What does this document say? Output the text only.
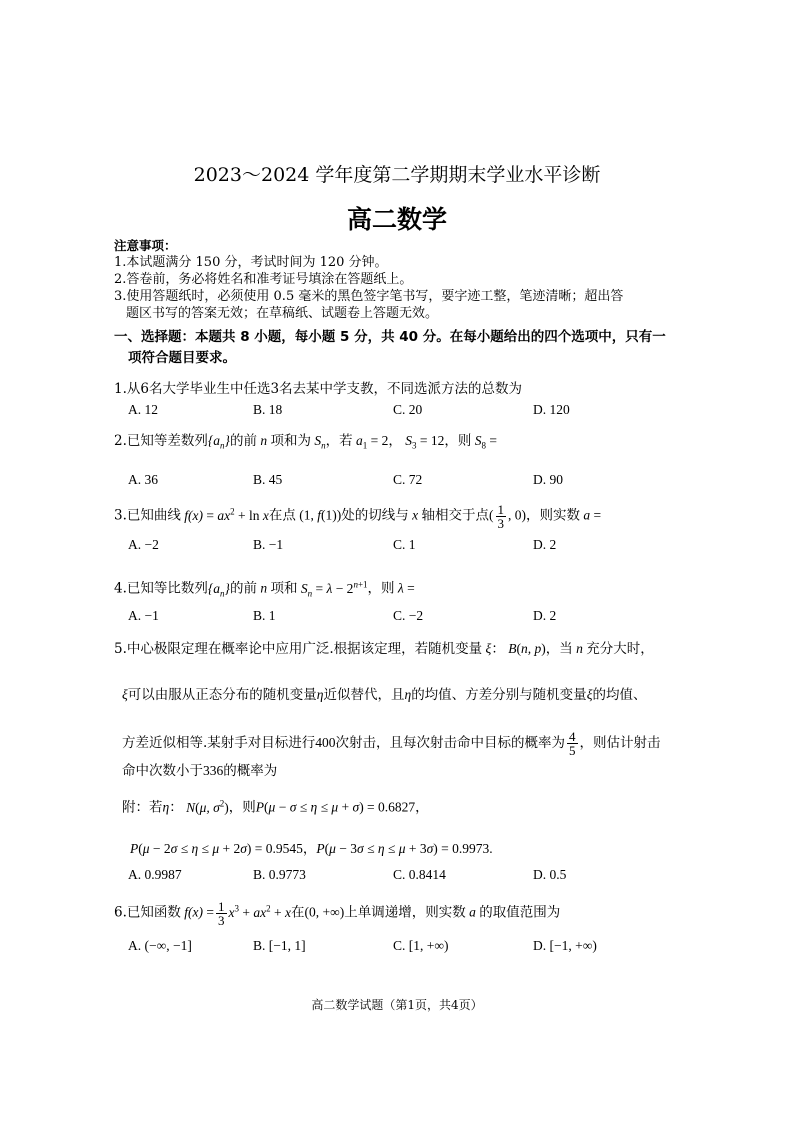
2023～2024 学年度第二学期期末学业水平诊断
高二数学
注意事项：
1.本试题满分 150 分，考试时间为 120 分钟。
2.答卷前，务必将姓名和准考证号填涂在答题纸上。
3.使用答题纸时，必须使用 0.5 毫米的黑色签字笔书写，要字迹工整，笔迹清晰；超出答
题区书写的答案无效；在草稿纸、试题卷上答题无效。
一、选择题：本题共 8 小题，每小题 5 分，共 40 分。在每小题给出的四个选项中，只有一
项符合题目要求。
1.从6名大学毕业生中任选3名去某中学支教，不同选派方法的总数为
A. 12	B. 18	C. 20	D. 120
2.已知等差数列$\{a_n\}$的前 n 项和为 $S_n$，若 $a_1 = 2$， $S_3 = 12$，则 $S_8$ =
A. 36	B. 45	C. 72	D. 90
3.已知曲线 $f(x) = ax^2 + \ln x$在点 (1, f(1))处的切线与 x 轴相交于点( $\frac{1}{3}$ , 0)，则实数 a =
A. −2	B. −1	C. 1	D. 2
4.已知等比数列$\{a_n\}$的前 n 项和 $S_n = \lambda - 2^{n+1}$，则 λ =
A. −1	B. 1	C. −2	D. 2
5.中心极限定理在概率论中应用广泛.根据该定理，若随机变量 ξ： B(n, p)，当 n 充分大时，
ξ可以由服从正态分布的随机变量η近似替代，且η的均值、方差分别与随机变量ξ的均值、
方差近似相等.某射手对目标进行400次射击，且每次射击命中目标的概率为 $\frac{4}{5}$ ，则估计射击
命中次数小于336的概率为
附：若η： N(μ, $\sigma^2$)，则P(μ − σ ≤ η ≤ μ + σ) = 0.6827，
P(μ − 2σ ≤ η ≤ μ + 2σ) = 0.9545，P(μ − 3σ ≤ η ≤ μ + 3σ) = 0.9973.
A. 0.9987	B. 0.9773	C. 0.8414	D. 0.5
6.已知函数 $f(x) = \frac{1}{3} x^3 + ax^2 + x$在(0, +∞)上单调递增，则实数 a 的取值范围为
A. (−∞, −1]	B. [−1, 1]	C. [1, +∞)	D. [−1, +∞)
高二数学试题（第1页，共4页）
